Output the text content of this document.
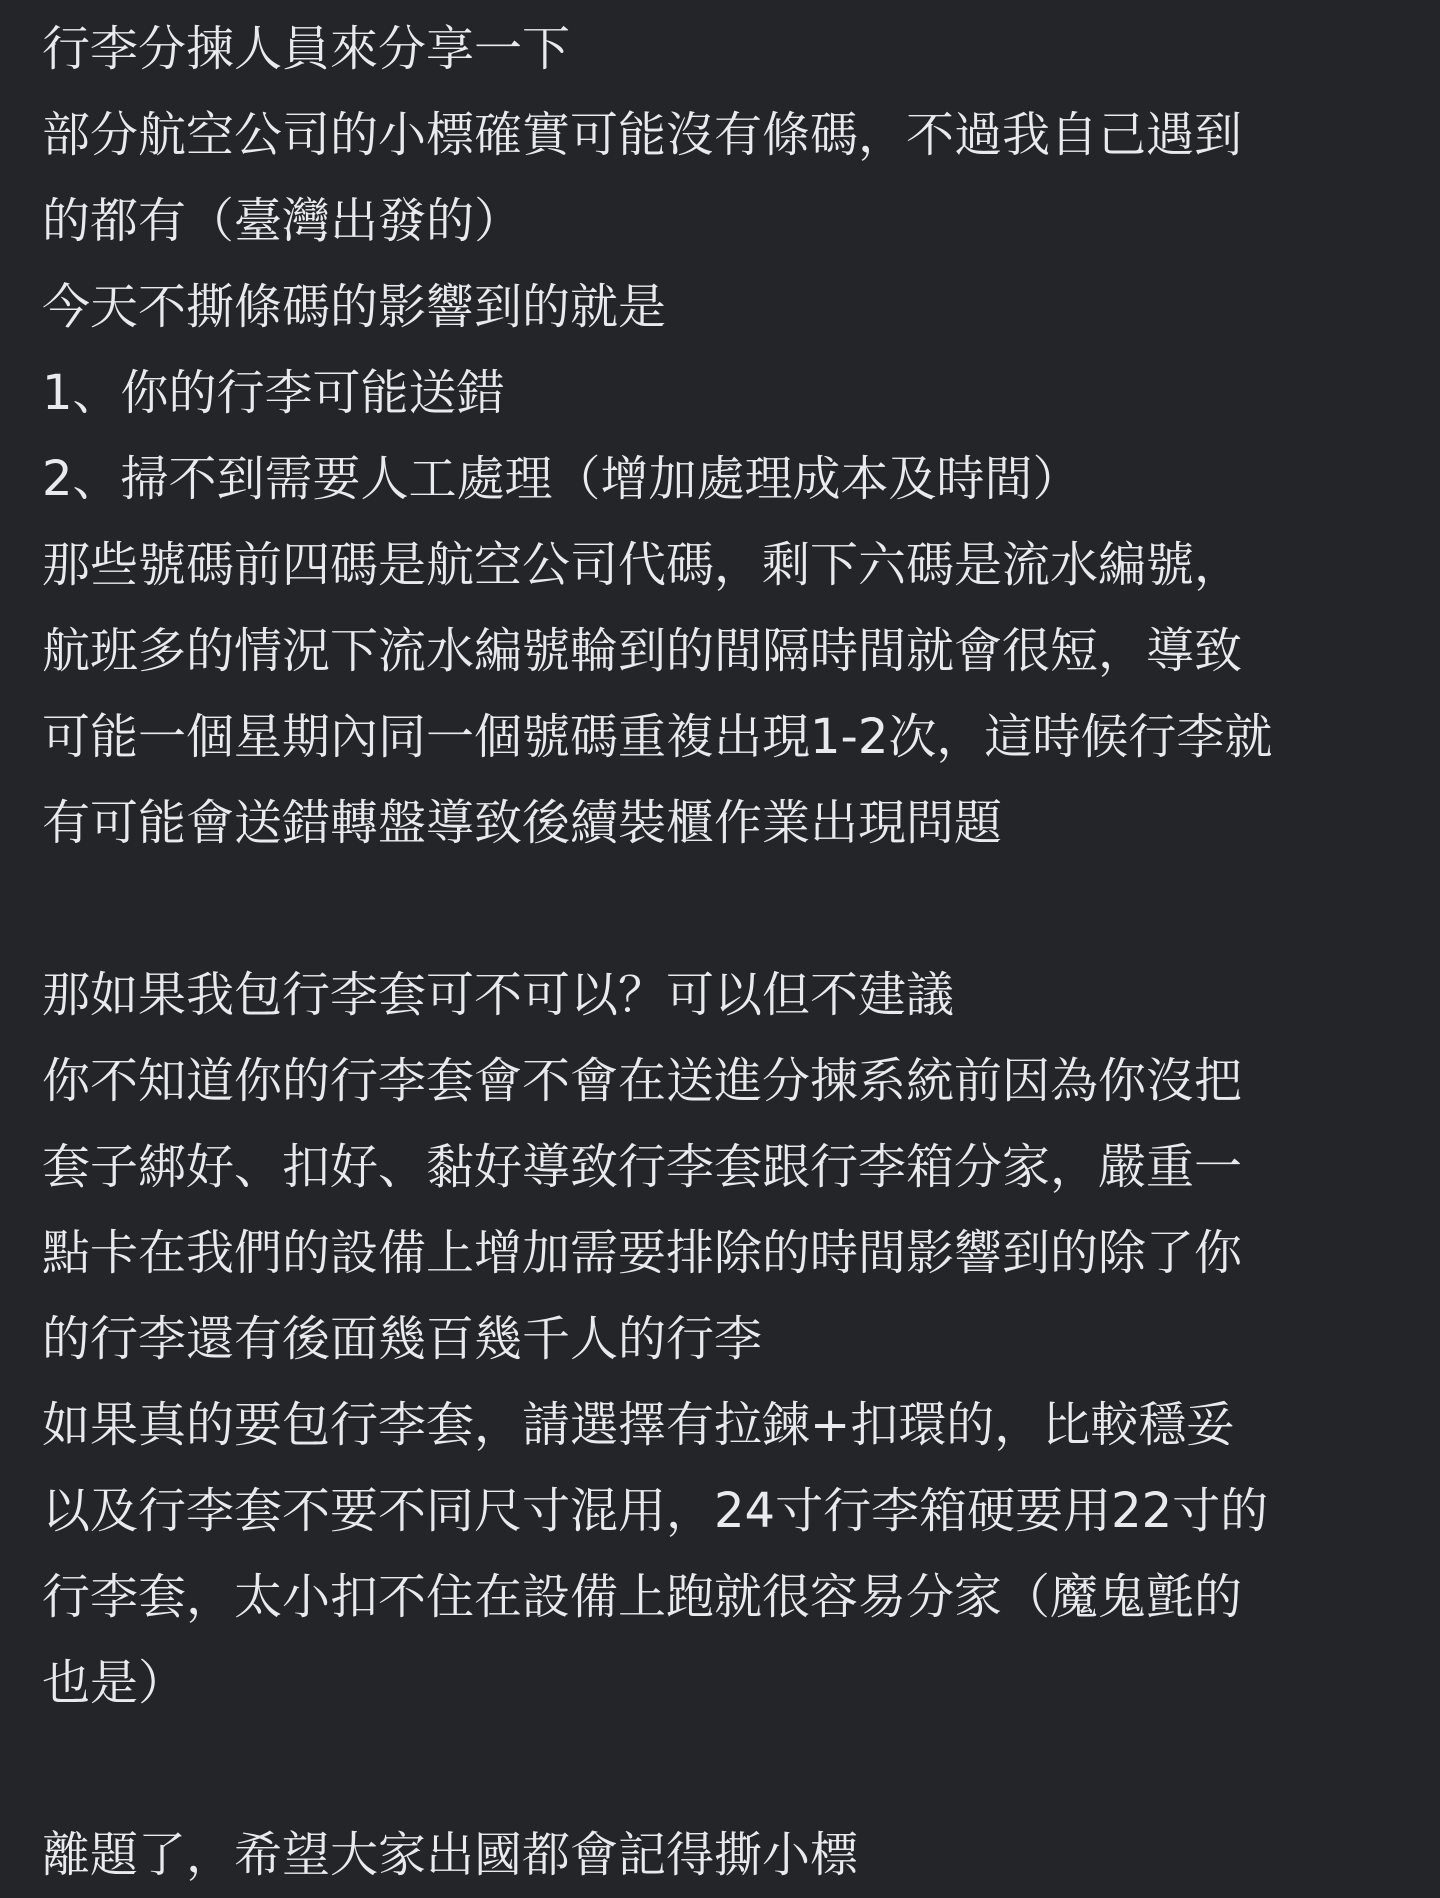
行李分揀人員來分享一下
部分航空公司的小標確實可能沒有條碼，不過我自己遇到
的都有（臺灣出發的）
今天不撕條碼的影響到的就是
1、你的行李可能送錯
2、掃不到需要人工處理（增加處理成本及時間）
那些號碼前四碼是航空公司代碼，剩下六碼是流水編號，
航班多的情況下流水編號輪到的間隔時間就會很短，導致
可能一個星期內同一個號碼重複出現1-2次，這時候行李就
有可能會送錯轉盤導致後續裝櫃作業出現問題
那如果我包行李套可不可以？可以但不建議
你不知道你的行李套會不會在送進分揀系統前因為你沒把
套子綁好、扣好、黏好導致行李套跟行李箱分家，嚴重一
點卡在我們的設備上增加需要排除的時間影響到的除了你
的行李還有後面幾百幾千人的行李
如果真的要包行李套，請選擇有拉鍊+扣環的，比較穩妥
以及行李套不要不同尺寸混用，24寸行李箱硬要用22寸的
行李套，太小扣不住在設備上跑就很容易分家（魔鬼氈的
也是）
離題了，希望大家出國都會記得撕小標
